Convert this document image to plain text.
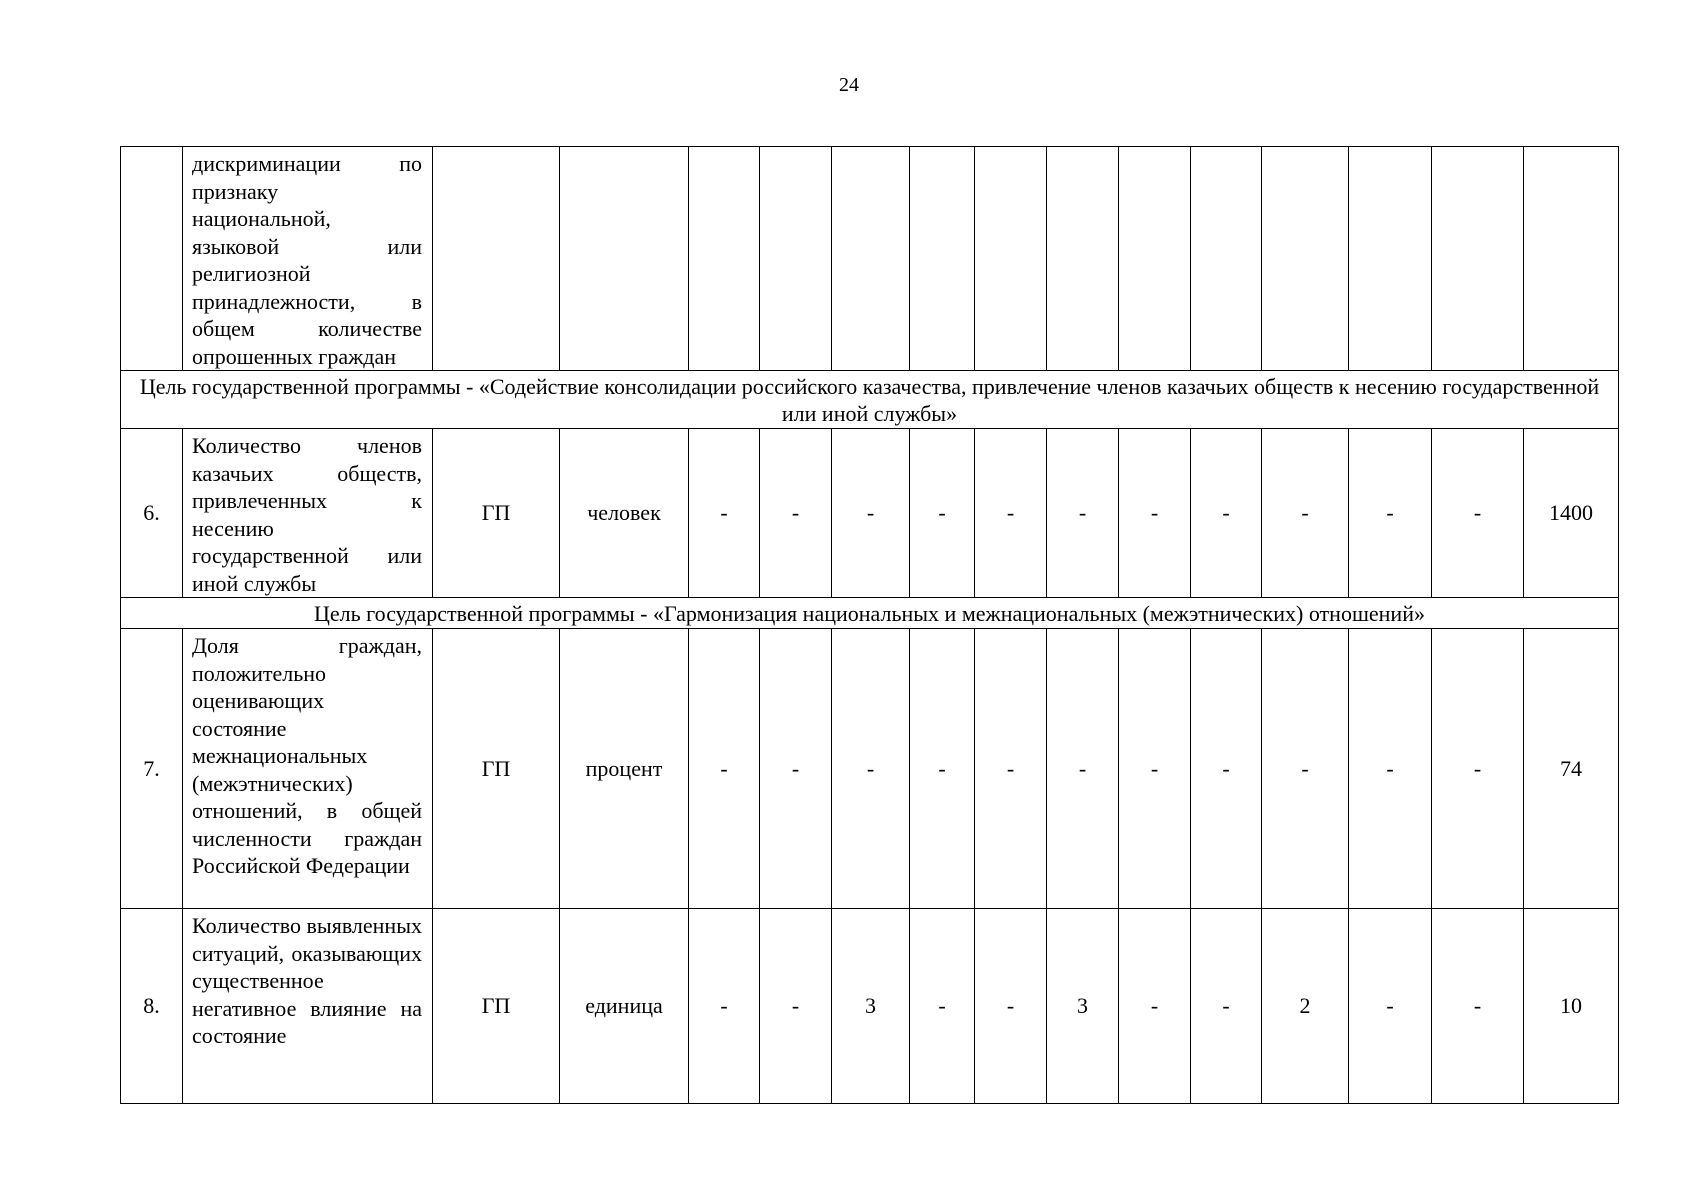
24
	дискриминации по признаку национальной, языковой или религиозной принадлежности, в общем количестве опрошенных граждан														
Цель государственной программы - «Содействие консолидации российского казачества, привлечение членов казачьих обществ к несению государственной или иной службы»															
6.	Количество членов казачьих обществ, привлеченных к несению государственной или иной службы	ГП	человек	-	-	-	-	-	-	-	-	-	-	-	1400
Цель государственной программы - «Гармонизация национальных и межнациональных (межэтнических) отношений»															
7.	Доля граждан, положительно оценивающих состояние межнациональных (межэтнических) отношений, в общей численности граждан Российской Федерации	ГП	процент	-	-	-	-	-	-	-	-	-	-	-	74
8.	Количество выявленных ситуаций, оказывающих существенное негативное влияние на состояние	ГП	единица	-	-	3	-	-	3	-	-	2	-	-	10
